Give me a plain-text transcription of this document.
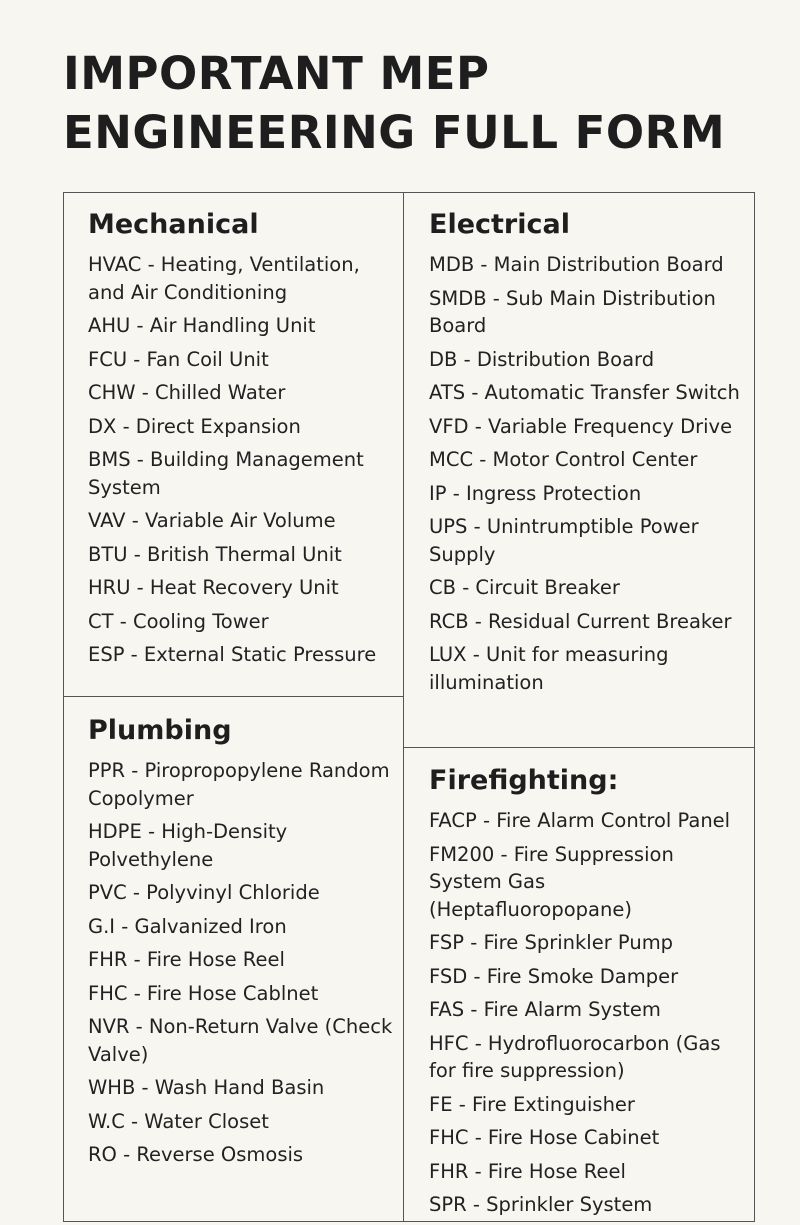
IMPORTANT MEP
ENGINEERING FULL FORM
Mechanical
HVAC - Heating, Ventilation, and Air Conditioning
AHU - Air Handling Unit
FCU - Fan Coil Unit
CHW - Chilled Water
DX - Direct Expansion
BMS - Building Management System
VAV - Variable Air Volume
BTU - British Thermal Unit
HRU - Heat Recovery Unit
CT - Cooling Tower
ESP - External Static Pressure
Electrical
MDB - Main Distribution Board
SMDB - Sub Main Distribution Board
DB - Distribution Board
ATS - Automatic Transfer Switch
VFD - Variable Frequency Drive
MCC - Motor Control Center
IP - Ingress Protection
UPS - Unintrumptible Power Supply
CB - Circuit Breaker
RCB - Residual Current Breaker
LUX - Unit for measuring illumination
Plumbing
PPR - Piropropopylene Random Copolymer
HDPE - High-Density Polvethylene
PVC - Polyvinyl Chloride
G.I - Galvanized Iron
FHR - Fire Hose Reel
FHC - Fire Hose Cablnet
NVR - Non-Return Valve (Check Valve)
WHB - Wash Hand Basin
W.C - Water Closet
RO - Reverse Osmosis
Firefighting:
FACP - Fire Alarm Control Panel
FM200 - Fire Suppression System Gas (Heptafluoropopane)
FSP - Fire Sprinkler Pump
FSD - Fire Smoke Damper
FAS - Fire Alarm System
HFC - Hydrofluorocarbon (Gas for fire suppression)
FE - Fire Extinguisher
FHC - Fire Hose Cabinet
FHR - Fire Hose Reel
SPR - Sprinkler System
